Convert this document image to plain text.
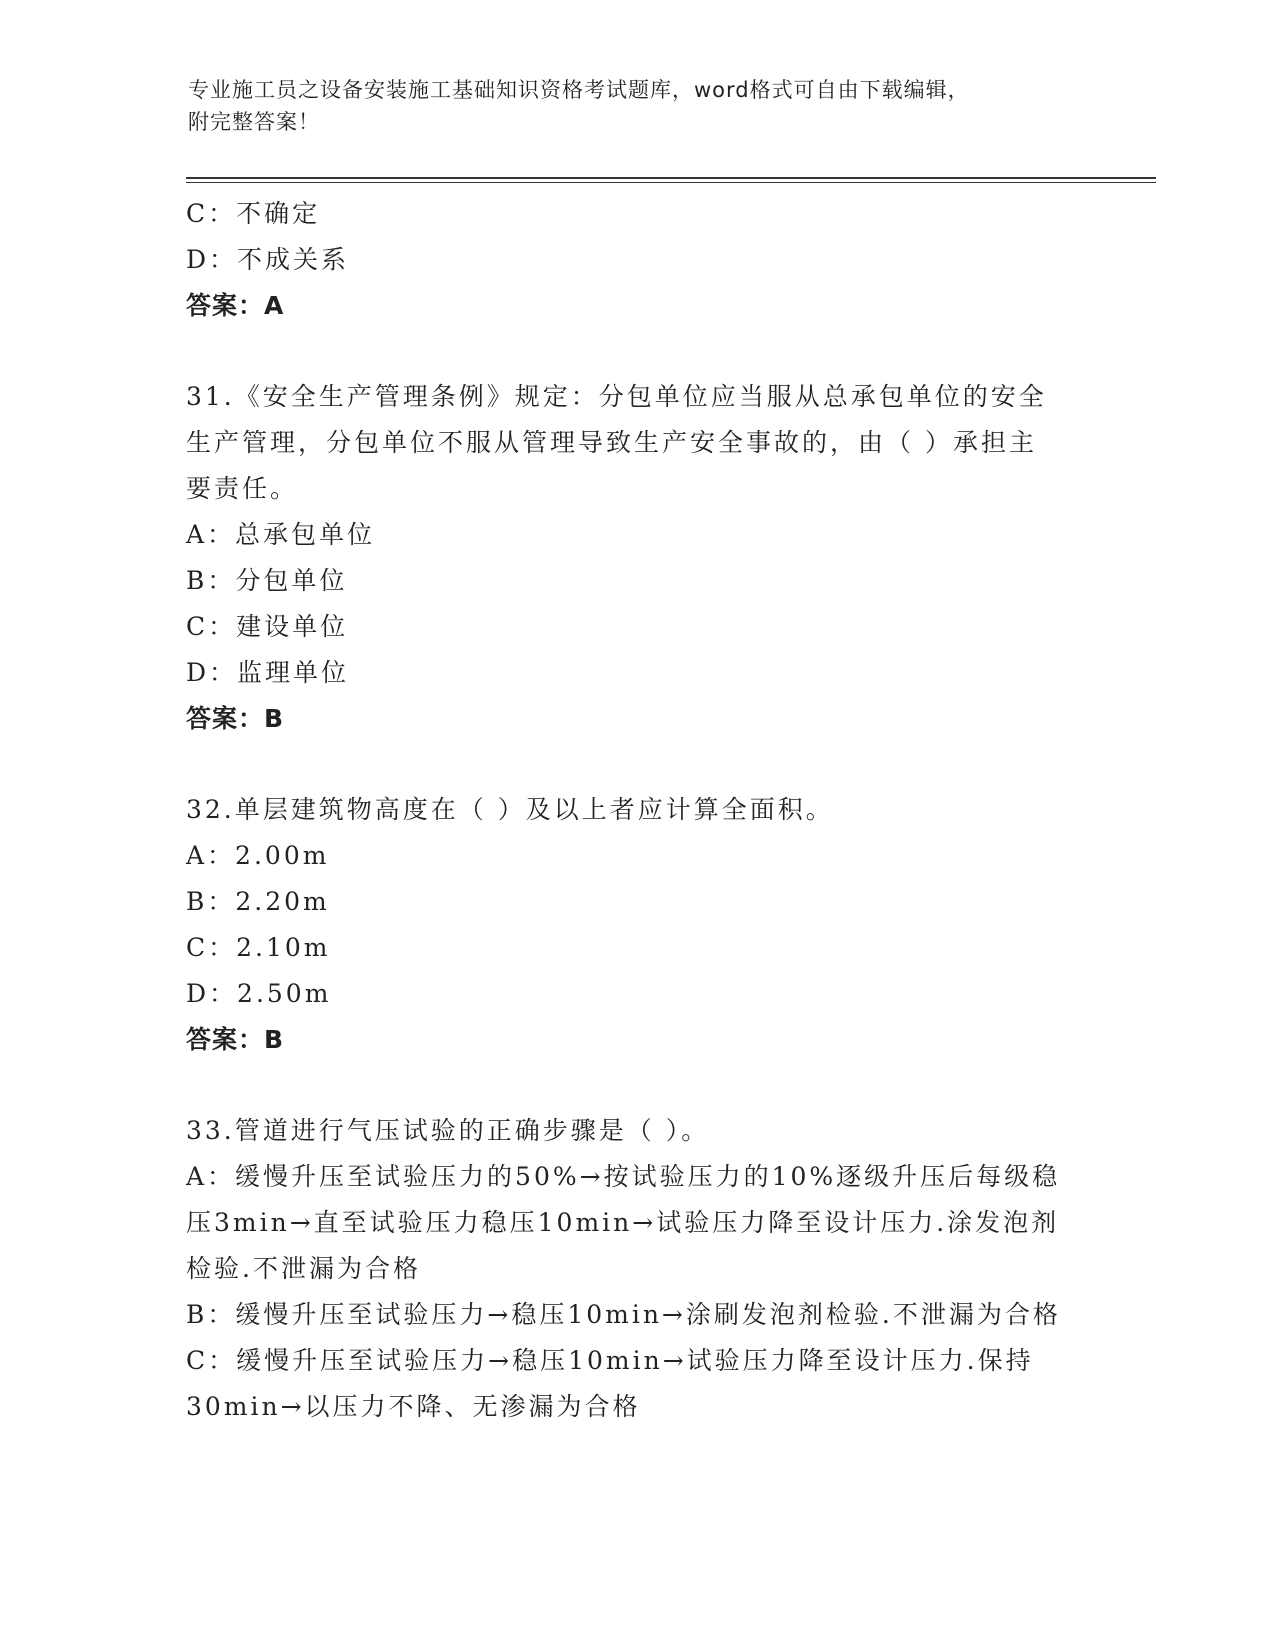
专业施工员之设备安装施工基础知识资格考试题库，word格式可自由下载编辑，
附完整答案！
C：不确定
D：不成关系
答案：A
31.《安全生产管理条例》规定：分包单位应当服从总承包单位的安全
生产管理，分包单位不服从管理导致生产安全事故的，由（ ）承担主
要责任。
A：总承包单位
B：分包单位
C：建设单位
D：监理单位
答案：B
32.单层建筑物高度在（ ）及以上者应计算全面积。
A：2.00m
B：2.20m
C：2.10m
D：2.50m
答案：B
33.管道进行气压试验的正确步骤是（ ）。
A：缓慢升压至试验压力的50%→按试验压力的10%逐级升压后每级稳
压3min→直至试验压力稳压10min→试验压力降至设计压力.涂发泡剂
检验.不泄漏为合格
B：缓慢升压至试验压力→稳压10min→涂刷发泡剂检验.不泄漏为合格
C：缓慢升压至试验压力→稳压10min→试验压力降至设计压力.保持
30min→以压力不降、无渗漏为合格
